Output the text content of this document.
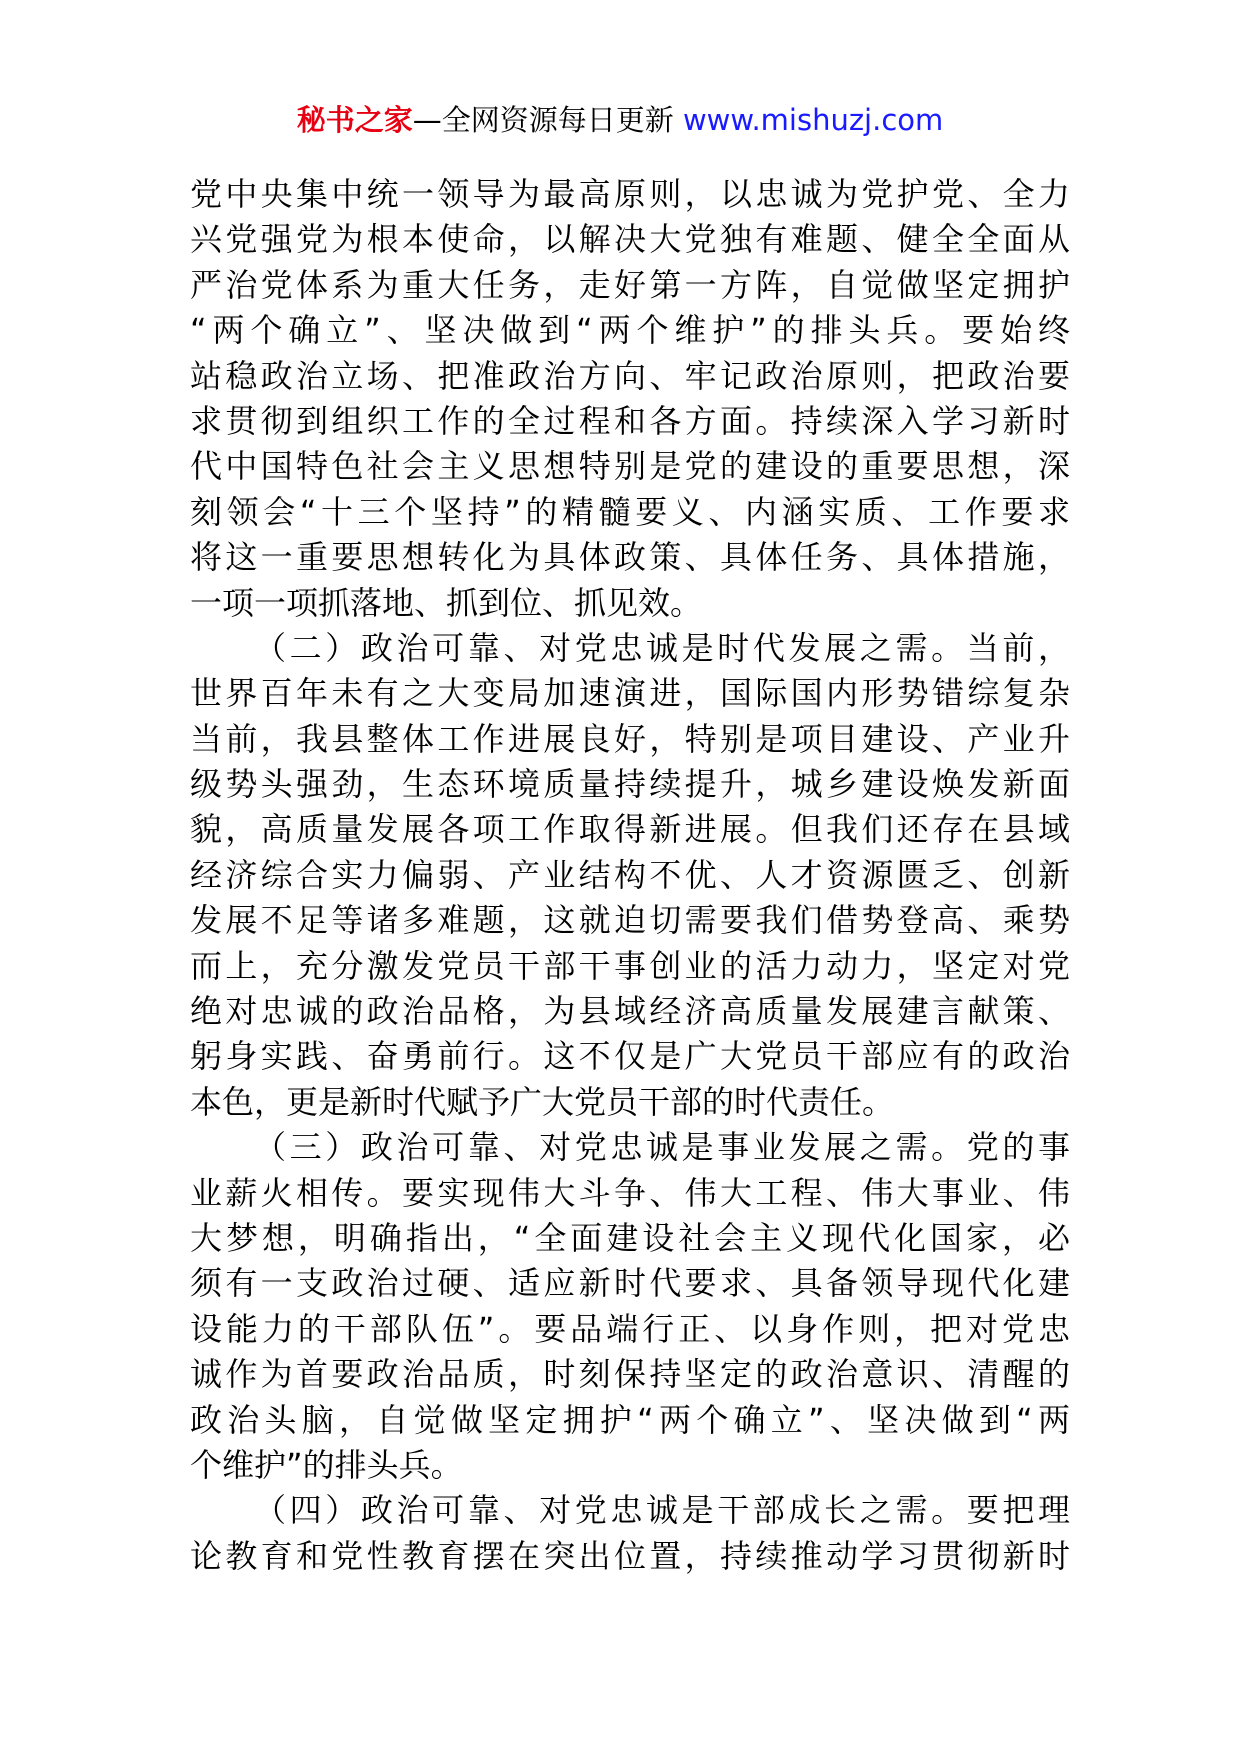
秘书之家—全网资源每日更新 www.mishuzj.com
党中央集中统一领导为最高原则，以忠诚为党护党、全力
兴党强党为根本使命，以解决大党独有难题、健全全面从
严治党体系为重大任务，走好第一方阵，自觉做坚定拥护
“两个确立”、坚决做到“两个维护”的排头兵。要始终
站稳政治立场、把准政治方向、牢记政治原则，把政治要
求贯彻到组织工作的全过程和各方面。持续深入学习新时
代中国特色社会主义思想特别是党的建设的重要思想，深
刻领会“十三个坚持”的精髓要义、内涵实质、工作要求
将这一重要思想转化为具体政策、具体任务、具体措施，
一项一项抓落地、抓到位、抓见效。
（二）政治可靠、对党忠诚是时代发展之需。当前，
世界百年未有之大变局加速演进，国际国内形势错综复杂
当前，我县整体工作进展良好，特别是项目建设、产业升
级势头强劲，生态环境质量持续提升，城乡建设焕发新面
貌，高质量发展各项工作取得新进展。但我们还存在县域
经济综合实力偏弱、产业结构不优、人才资源匮乏、创新
发展不足等诸多难题，这就迫切需要我们借势登高、乘势
而上，充分激发党员干部干事创业的活力动力，坚定对党
绝对忠诚的政治品格，为县域经济高质量发展建言献策、
躬身实践、奋勇前行。这不仅是广大党员干部应有的政治
本色，更是新时代赋予广大党员干部的时代责任。
（三）政治可靠、对党忠诚是事业发展之需。党的事
业薪火相传。要实现伟大斗争、伟大工程、伟大事业、伟
大梦想，明确指出，“全面建设社会主义现代化国家，必
须有一支政治过硬、适应新时代要求、具备领导现代化建
设能力的干部队伍”。要品端行正、以身作则，把对党忠
诚作为首要政治品质，时刻保持坚定的政治意识、清醒的
政治头脑，自觉做坚定拥护“两个确立”、坚决做到“两
个维护”的排头兵。
（四）政治可靠、对党忠诚是干部成长之需。要把理
论教育和党性教育摆在突出位置，持续推动学习贯彻新时
